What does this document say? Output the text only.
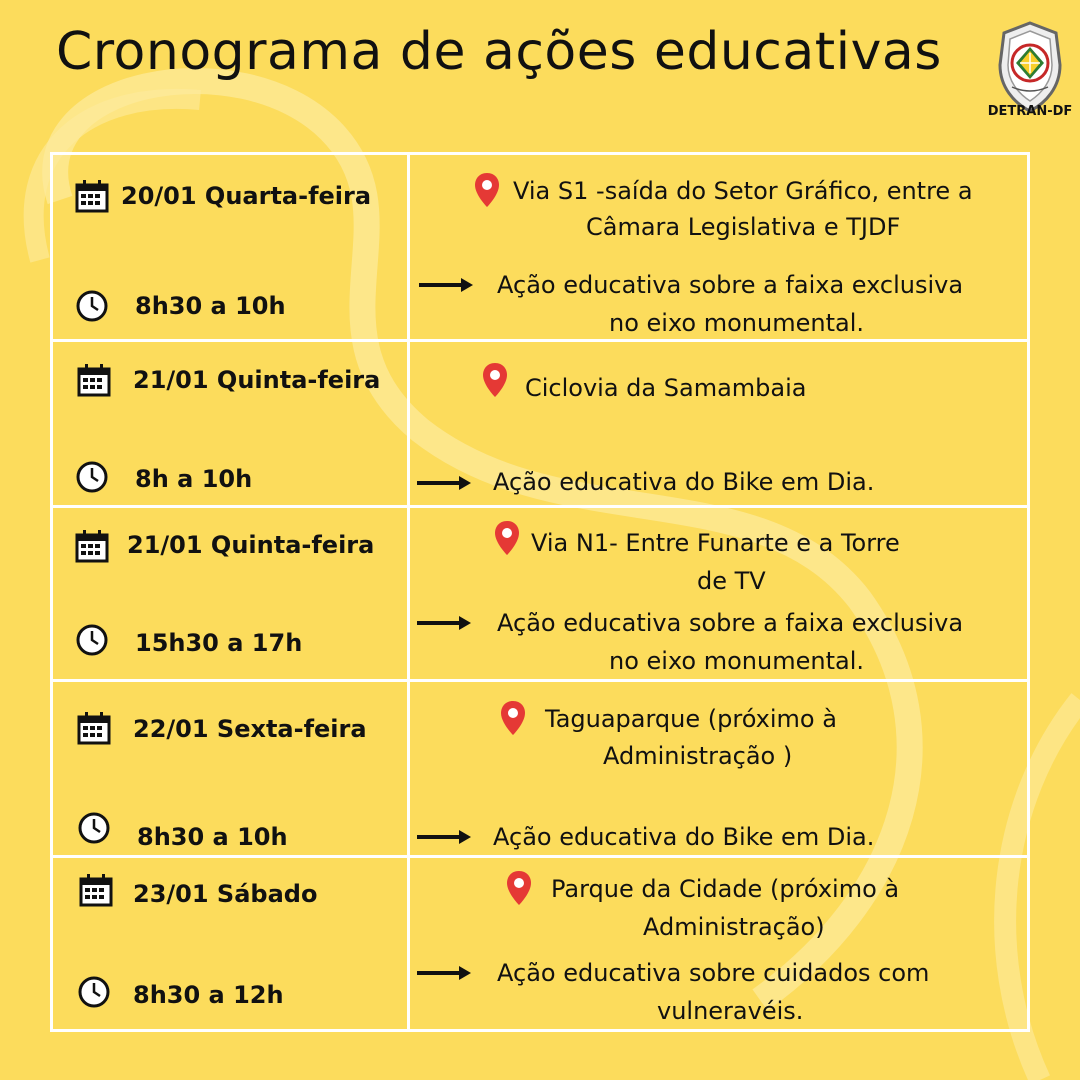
Cronograma de ações educativas
DETRAN-DF
20/01 Quarta-feira
8h30 a 10h
Via S1 -saída do Setor Gráfico, entre a
Câmara Legislativa e TJDF
Ação educativa sobre a faixa exclusiva
no eixo monumental.
21/01 Quinta-feira
8h a 10h
Ciclovia da Samambaia
Ação educativa do Bike em Dia.
21/01 Quinta-feira
15h30 a 17h
Via N1- Entre Funarte e a Torre
de TV
Ação educativa sobre a faixa exclusiva
no eixo monumental.
22/01 Sexta-feira
8h30 a 10h
Taguaparque (próximo à
Administração )
Ação educativa do Bike em Dia.
23/01 Sábado
8h30 a 12h
Parque da Cidade (próximo à
Administração)
Ação educativa sobre cuidados com
vulneravéis.
